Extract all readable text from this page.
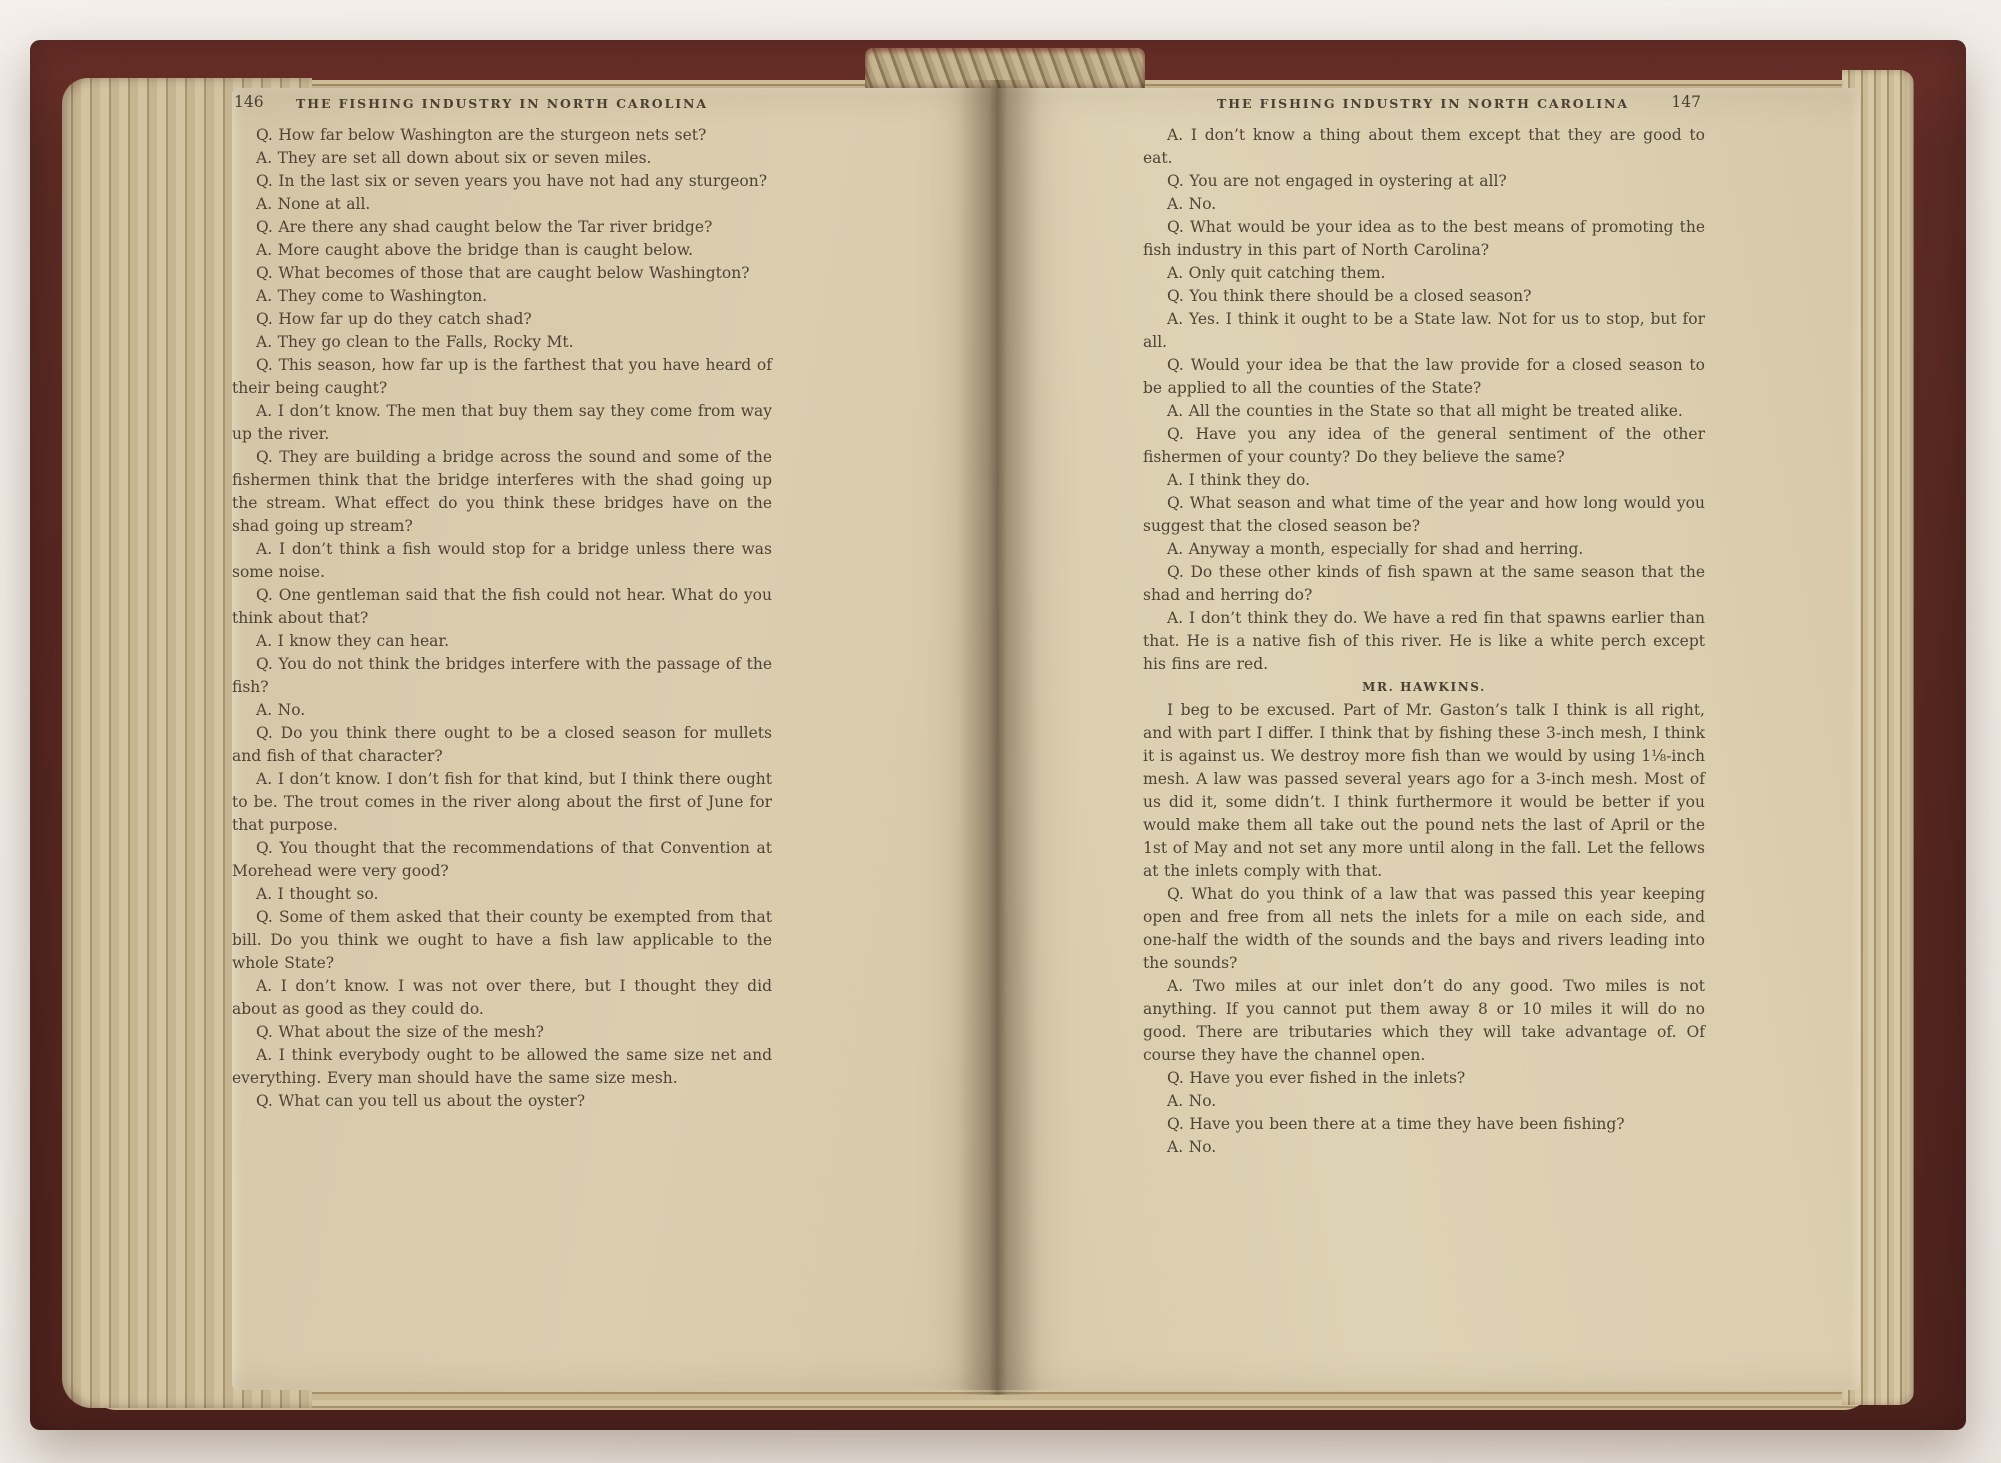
146	THE FISHING INDUSTRY IN NORTH CAROLINA

Q. How far below Washington are the sturgeon nets set?

A. They are set all down about six or seven miles.

Q. In the last six or seven years you have not had any sturgeon?

A. None at all.

Q. Are there any shad caught below the Tar river bridge?

A. More caught above the bridge than is caught below.

Q. What becomes of those that are caught below Washington?

A. They come to Washington.

Q. How far up do they catch shad?

A. They go clean to the Falls, Rocky Mt.

Q. This season, how far up is the farthest that you have heard of their being caught?

A. I don’t know. The men that buy them say they come from way up the river.

Q. They are building a bridge across the sound and some of the fishermen think that the bridge interferes with the shad going up the stream. What effect do you think these bridges have on the shad going up stream?

A. I don’t think a fish would stop for a bridge unless there was some noise.

Q. One gentleman said that the fish could not hear. What do you think about that?

A. I know they can hear.

Q. You do not think the bridges interfere with the passage of the fish?

A. No.

Q. Do you think there ought to be a closed season for mullets and fish of that character?

A. I don’t know. I don’t fish for that kind, but I think there ought to be. The trout comes in the river along about the first of June for that purpose.

Q. You thought that the recommendations of that Convention at Morehead were very good?

A. I thought so.

Q. Some of them asked that their county be exempted from that bill. Do you think we ought to have a fish law applicable to the whole State?

A. I don’t know. I was not over there, but I thought they did about as good as they could do.

Q. What about the size of the mesh?

A. I think everybody ought to be allowed the same size net and everything. Every man should have the same size mesh.

Q. What can you tell us about the oyster?

THE FISHING INDUSTRY IN NORTH CAROLINA	147

A. I don’t know a thing about them except that they are good to eat.

Q. You are not engaged in oystering at all?

A. No.

Q. What would be your idea as to the best means of promoting the fish industry in this part of North Carolina?

A. Only quit catching them.

Q. You think there should be a closed season?

A. Yes. I think it ought to be a State law. Not for us to stop, but for all.

Q. Would your idea be that the law provide for a closed season to be applied to all the counties of the State?

A. All the counties in the State so that all might be treated alike.

Q. Have you any idea of the general sentiment of the other fishermen of your county? Do they believe the same?

A. I think they do.

Q. What season and what time of the year and how long would you suggest that the closed season be?

A. Anyway a month, especially for shad and herring.

Q. Do these other kinds of fish spawn at the same season that the shad and herring do?

A. I don’t think they do. We have a red fin that spawns earlier than that. He is a native fish of this river. He is like a white perch except his fins are red.

MR. HAWKINS.

I beg to be excused. Part of Mr. Gaston’s talk I think is all right, and with part I differ. I think that by fishing these 3-inch mesh, I think it is against us. We destroy more fish than we would by using 1⅛-inch mesh. A law was passed several years ago for a 3-inch mesh. Most of us did it, some didn’t. I think furthermore it would be better if you would make them all take out the pound nets the last of April or the 1st of May and not set any more until along in the fall. Let the fellows at the inlets comply with that.

Q. What do you think of a law that was passed this year keeping open and free from all nets the inlets for a mile on each side, and one-half the width of the sounds and the bays and rivers leading into the sounds?

A. Two miles at our inlet don’t do any good. Two miles is not anything. If you cannot put them away 8 or 10 miles it will do no good. There are tributaries which they will take advantage of. Of course they have the channel open.

Q. Have you ever fished in the inlets?

A. No.

Q. Have you been there at a time they have been fishing?

A. No.
